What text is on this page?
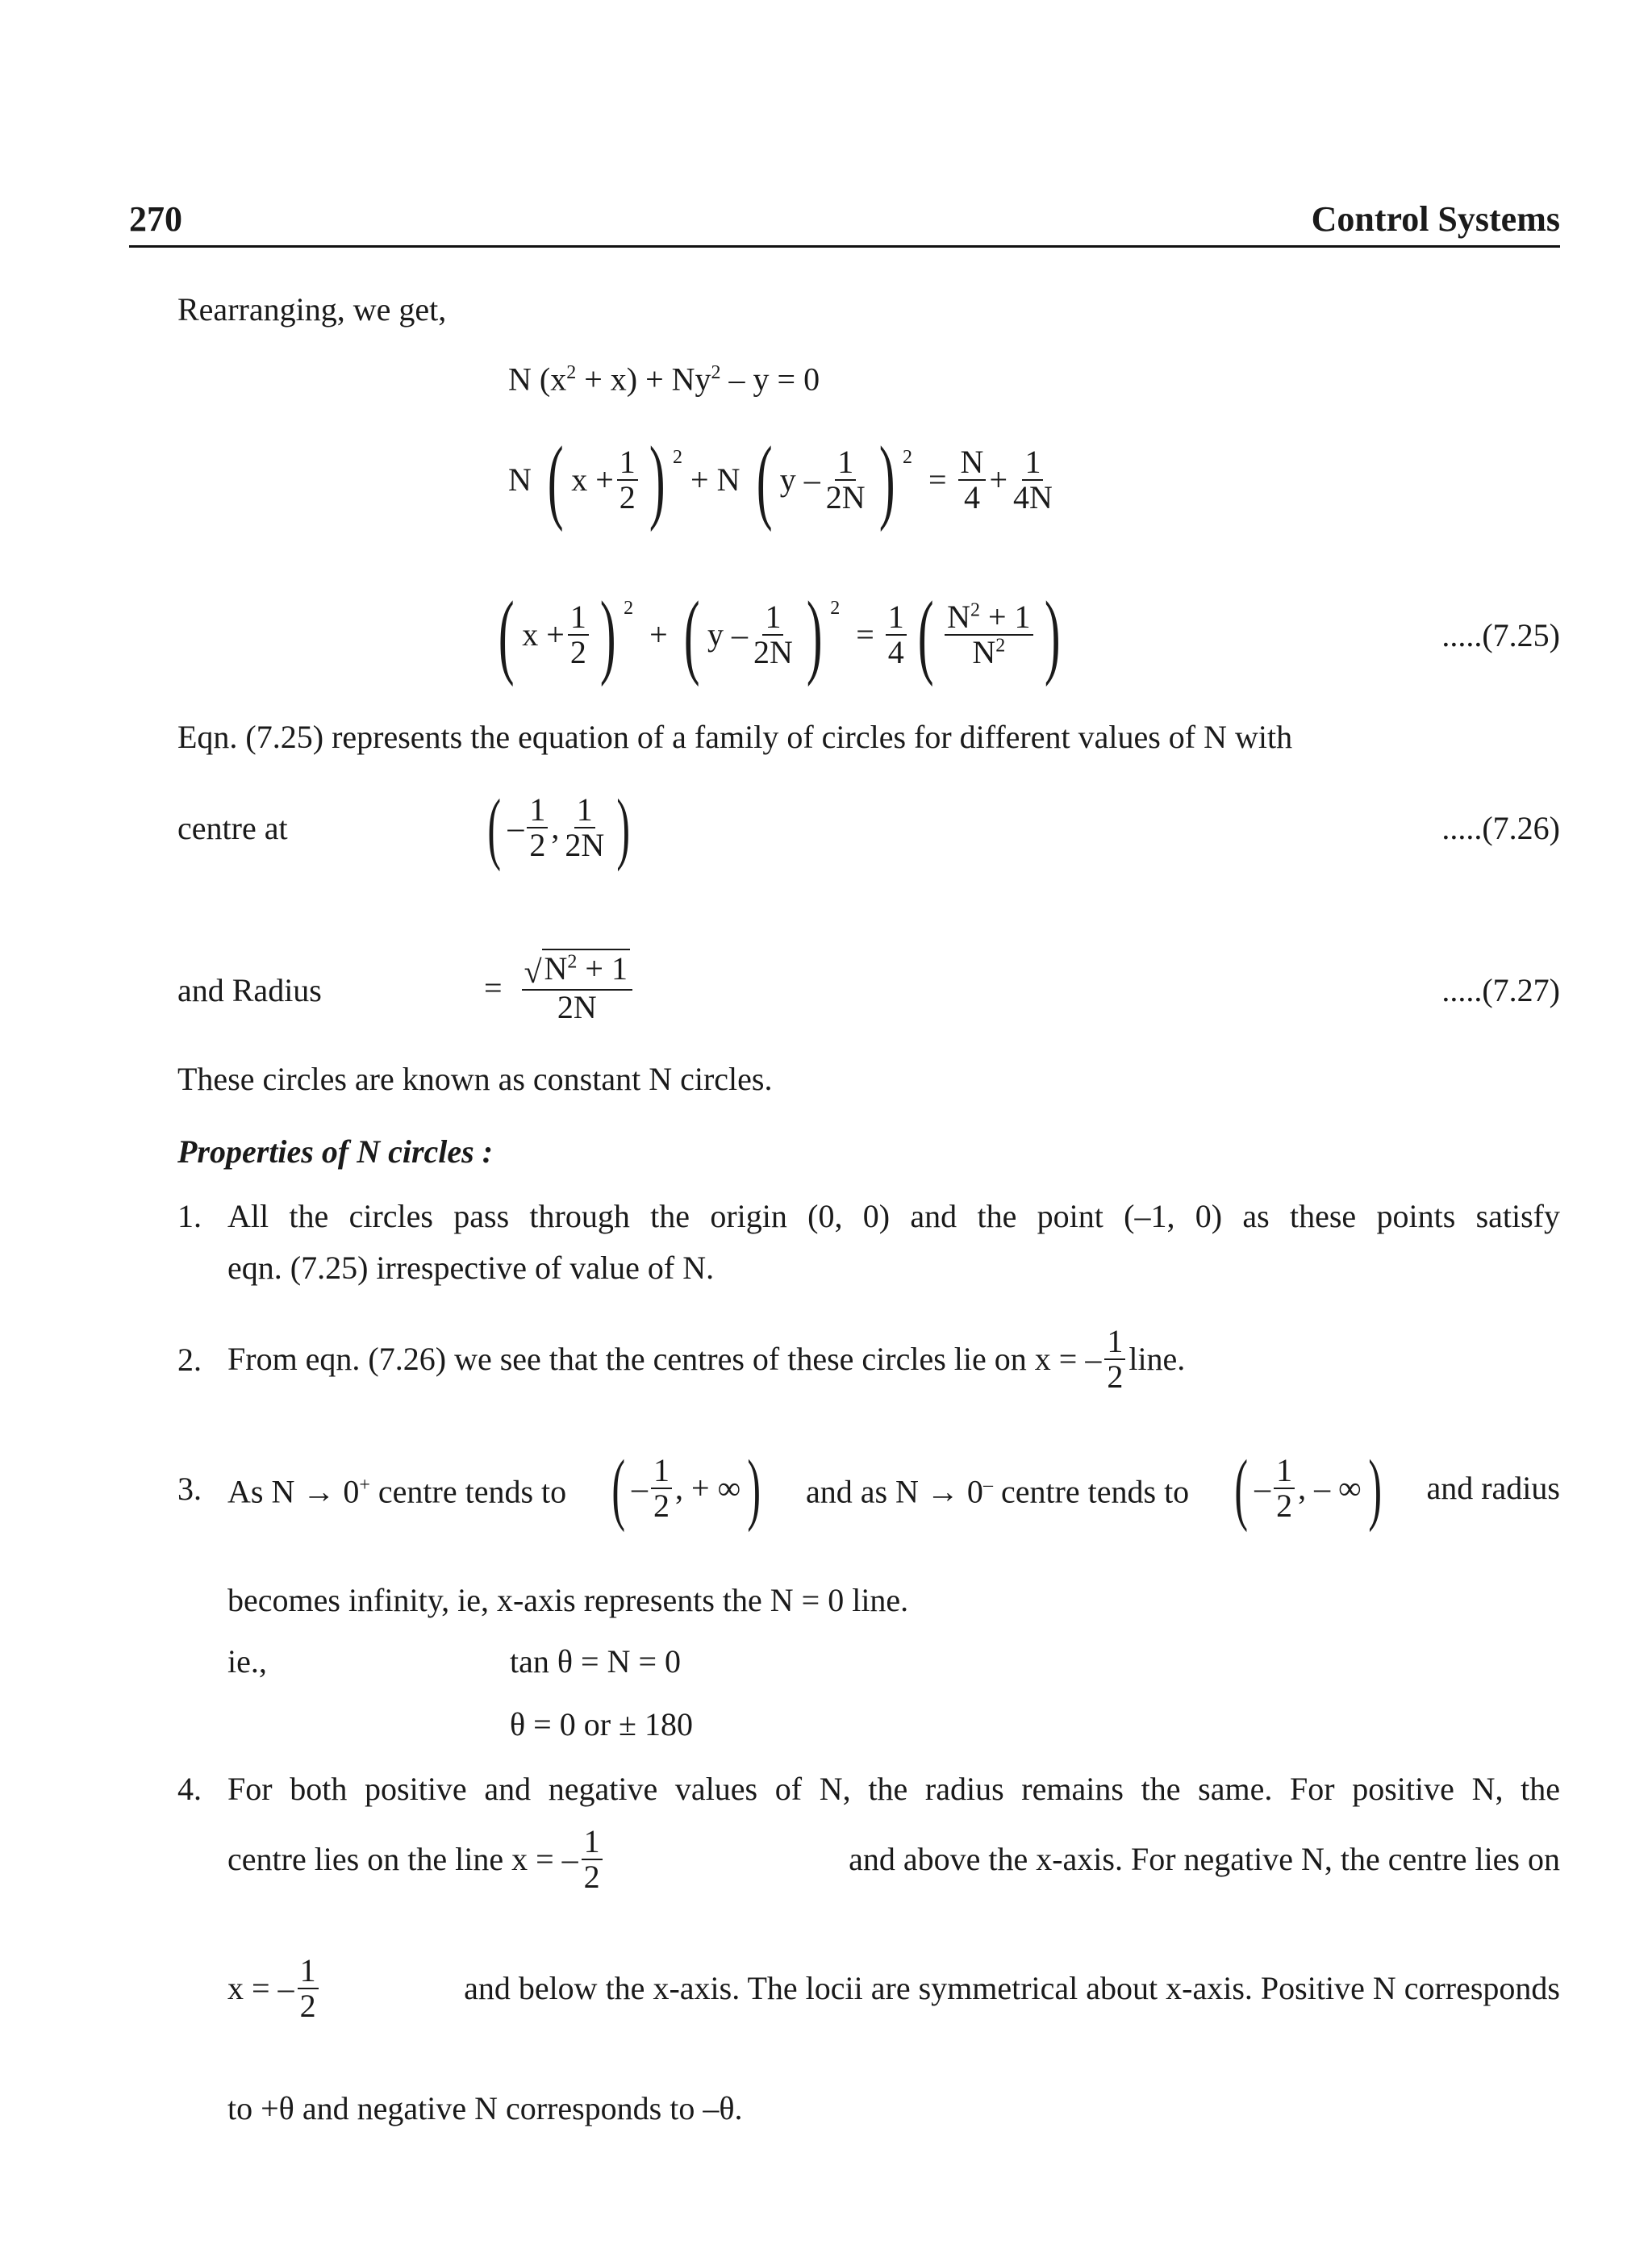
270	Control Systems
Rearranging, we get,
N $(x^2 + x) + Ny^2 - y = 0$
N
( $x + \frac{1}{2}$ ) 2

+ N
( y – 1
2N ) 2

=
$\frac{N}{4} + \frac{1}{4N}$
( $x + \frac{1}{2}$ ) 2

+
( y – 1
2N ) 2

=
$\frac{1}{4}$ ( $N^2 + 1$
$N^2$ )	.....(7.25)
Eqn. (7.25) represents the equation of a family of circles for different values of N with
centre at ( – 1
2 , 1
2N )	.....(7.26)
and Radius	=
$\frac{√N^2 + 1}{2N}$	.....(7.27)
These circles are known as constant N circles.
Properties of N circles :
1. All the circles pass through the origin (0, 0) and the point (–1, 0) as these points satisfy
eqn. (7.25) irrespective of value of N.
2. From eqn. (7.26) we see that the centres of these circles lie on x = – 1
2 line.
3. As N → 0+ centre tends to ( – 1
2 , + ∞ ) and as N → 0– centre tends to ( – 1
2 , – ∞ ) and radius
becomes infinity, ie, x-axis represents the N = 0 line.
ie.,	tan θ = N = 0
θ = 0 or ± 180
4. For both positive and negative values of N, the radius remains the same. For positive N, the
centre lies on the line x = – 1
2	and above the x-axis. For negative N, the centre lies on
x = – 1
2	and below the x-axis. The locii are symmetrical about x-axis. Positive N corresponds
to +θ and negative N corresponds to –θ.
